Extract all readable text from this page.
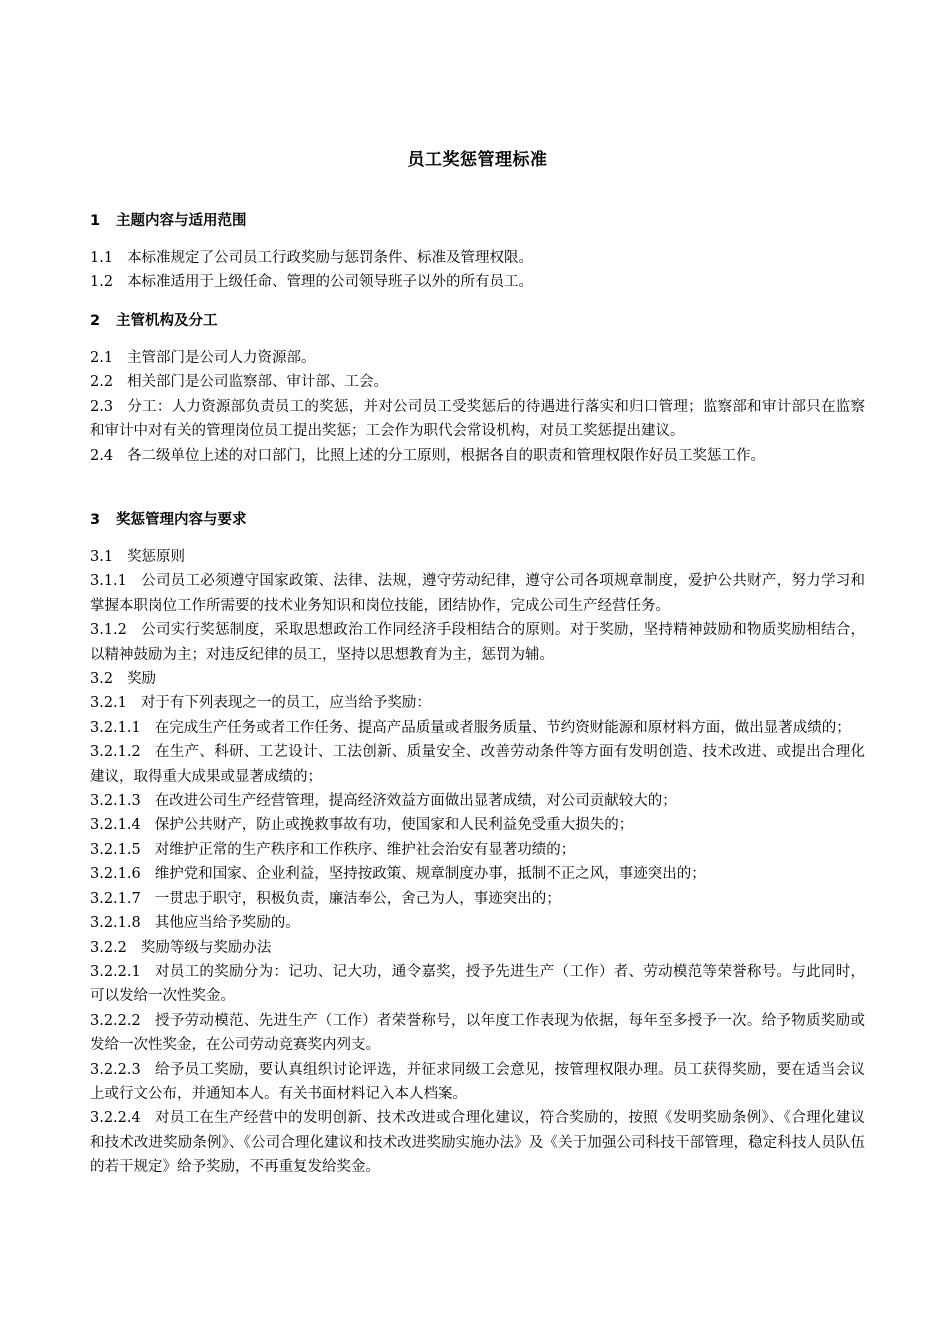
员工奖惩管理标准

1 主题内容与适用范围

1.1 本标准规定了公司员工行政奖励与惩罚条件、标准及管理权限。

1.2 本标准适用于上级任命、管理的公司领导班子以外的所有员工。

2 主管机构及分工

2.1 主管部门是公司人力资源部。

2.2 相关部门是公司监察部、审计部、工会。

2.3 分工：人力资源部负责员工的奖惩，并对公司员工受奖惩后的待遇进行落实和归口管理；监察部和审计部只在监察和审计中对有关的管理岗位员工提出奖惩；工会作为职代会常设机构，对员工奖惩提出建议。

2.4 各二级单位上述的对口部门，比照上述的分工原则，根据各自的职责和管理权限作好员工奖惩工作。

3 奖惩管理内容与要求

3.1 奖惩原则

3.1.1 公司员工必须遵守国家政策、法律、法规，遵守劳动纪律，遵守公司各项规章制度，爱护公共财产，努力学习和掌握本职岗位工作所需要的技术业务知识和岗位技能，团结协作，完成公司生产经营任务。

3.1.2 公司实行奖惩制度，采取思想政治工作同经济手段相结合的原则。对于奖励，坚持精神鼓励和物质奖励相结合，以精神鼓励为主；对违反纪律的员工，坚持以思想教育为主，惩罚为辅。

3.2 奖励

3.2.1 对于有下列表现之一的员工，应当给予奖励：

3.2.1.1 在完成生产任务或者工作任务、提高产品质量或者服务质量、节约资财能源和原材料方面，做出显著成绩的；

3.2.1.2 在生产、科研、工艺设计、工法创新、质量安全、改善劳动条件等方面有发明创造、技术改进、或提出合理化建议，取得重大成果或显著成绩的；

3.2.1.3 在改进公司生产经营管理，提高经济效益方面做出显著成绩，对公司贡献较大的；

3.2.1.4 保护公共财产，防止或挽救事故有功，使国家和人民利益免受重大损失的；

3.2.1.5 对维护正常的生产秩序和工作秩序、维护社会治安有显著功绩的；

3.2.1.6 维护党和国家、企业利益，坚持按政策、规章制度办事，抵制不正之风，事迹突出的；

3.2.1.7 一贯忠于职守，积极负责，廉洁奉公，舍己为人，事迹突出的；

3.2.1.8 其他应当给予奖励的。

3.2.2 奖励等级与奖励办法

3.2.2.1 对员工的奖励分为：记功、记大功，通令嘉奖，授予先进生产（工作）者、劳动模范等荣誉称号。与此同时，可以发给一次性奖金。

3.2.2.2 授予劳动模范、先进生产（工作）者荣誉称号，以年度工作表现为依据，每年至多授予一次。给予物质奖励或发给一次性奖金，在公司劳动竞赛奖内列支。

3.2.2.3 给予员工奖励，要认真组织讨论评选，并征求同级工会意见，按管理权限办理。员工获得奖励，要在适当会议上或行文公布，并通知本人。有关书面材料记入本人档案。

3.2.2.4 对员工在生产经营中的发明创新、技术改进或合理化建议，符合奖励的，按照《发明奖励条例》、《合理化建议和技术改进奖励条例》、《公司合理化建议和技术改进奖励实施办法》及《关于加强公司科技干部管理，稳定科技人员队伍的若干规定》给予奖励，不再重复发给奖金。
